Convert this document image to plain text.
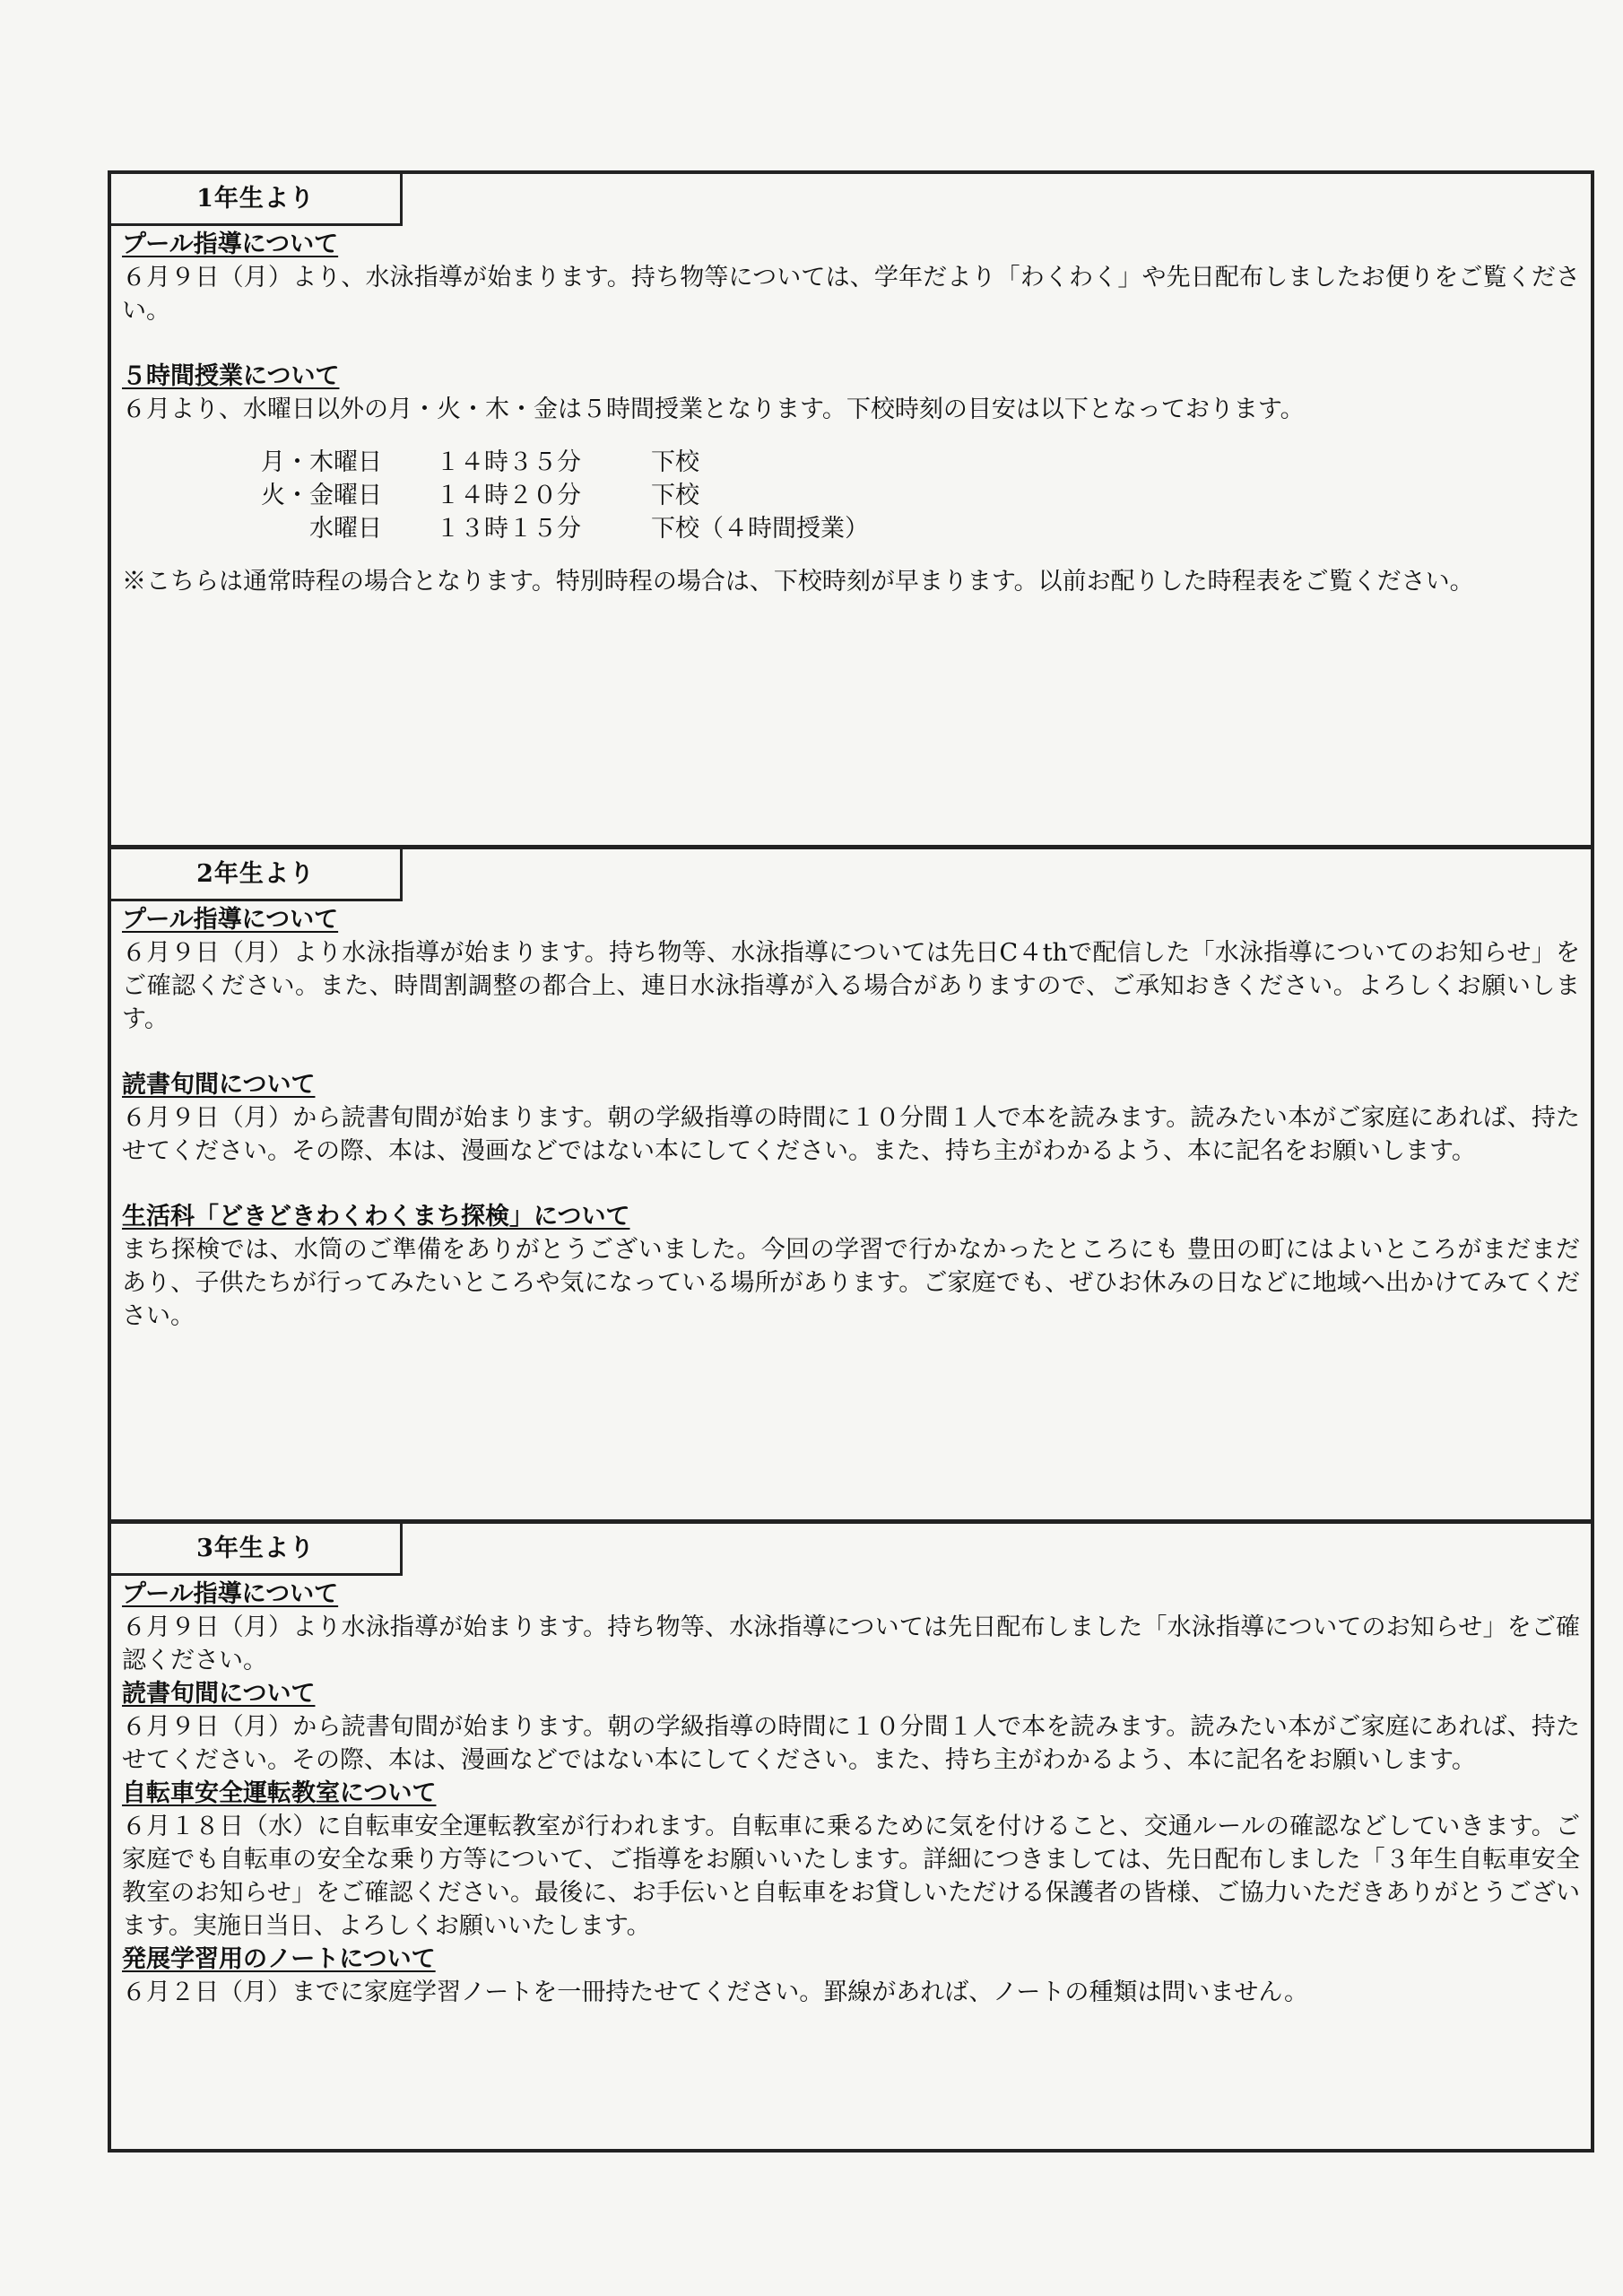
1年生より
プール指導について

６月９日（月）より、水泳指導が始まります。持ち物等については、学年だより「わくわく」や先日配布しましたお便りをご覧ください。

５時間授業について

６月より、水曜日以外の月・火・木・金は５時間授業となります。下校時刻の目安は以下となっております。

月・木曜日	１４時３５分	下校
火・金曜日	１４時２０分	下校
水曜日	１３時１５分	下校（４時間授業）

※こちらは通常時程の場合となります。特別時程の場合は、下校時刻が早まります。以前お配りした時程表をご覧ください。

2年生より
プール指導について

６月９日（月）より水泳指導が始まります。持ち物等、水泳指導については先日C４thで配信した「水泳指導についてのお知らせ」をご確認ください。また、時間割調整の都合上、連日水泳指導が入る場合がありますので、ご承知おきください。よろしくお願いします。

読書旬間について

６月９日（月）から読書旬間が始まります。朝の学級指導の時間に１０分間１人で本を読みます。読みたい本がご家庭にあれば、持たせてください。その際、本は、漫画などではない本にしてください。また、持ち主がわかるよう、本に記名をお願いします。

生活科「どきどきわくわくまち探検」について

まち探検では、水筒のご準備をありがとうございました。今回の学習で行かなかったところにも 豊田の町にはよいところがまだまだあり、子供たちが行ってみたいところや気になっている場所があります。ご家庭でも、ぜひお休みの日などに地域へ出かけてみてください。

3年生より
プール指導について

６月９日（月）より水泳指導が始まります。持ち物等、水泳指導については先日配布しました「水泳指導についてのお知らせ」をご確認ください。

読書旬間について

６月９日（月）から読書旬間が始まります。朝の学級指導の時間に１０分間１人で本を読みます。読みたい本がご家庭にあれば、持たせてください。その際、本は、漫画などではない本にしてください。また、持ち主がわかるよう、本に記名をお願いします。

自転車安全運転教室について

６月１８日（水）に自転車安全運転教室が行われます。自転車に乗るために気を付けること、交通ルールの確認などしていきます。ご家庭でも自転車の安全な乗り方等について、ご指導をお願いいたします。詳細につきましては、先日配布しました「３年生自転車安全教室のお知らせ」をご確認ください。最後に、お手伝いと自転車をお貸しいただける保護者の皆様、ご協力いただきありがとうございます。実施日当日、よろしくお願いいたします。

発展学習用のノートについて

６月２日（月）までに家庭学習ノートを一冊持たせてください。罫線があれば、ノートの種類は問いません。
